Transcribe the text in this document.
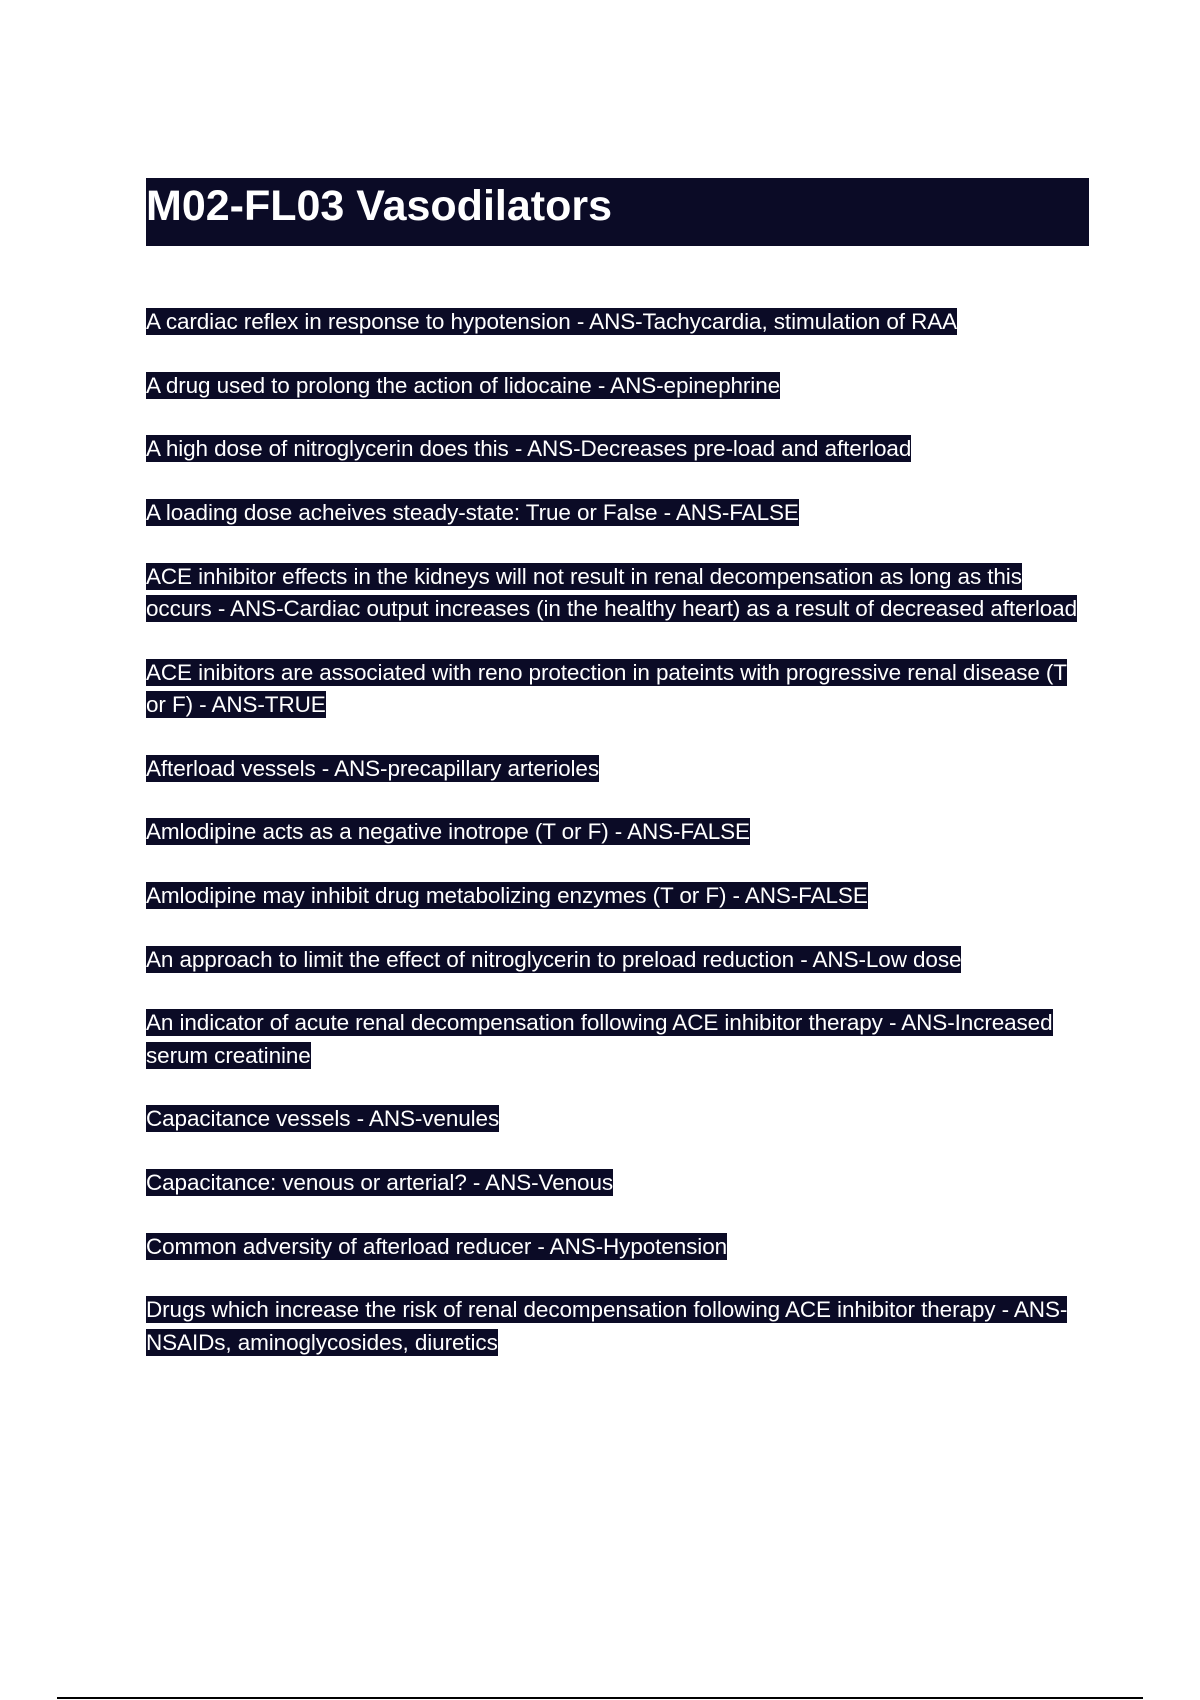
M02-FL03 Vasodilators

A cardiac reflex in response to hypotension - ANS-Tachycardia, stimulation of RAA

A drug used to prolong the action of lidocaine - ANS-epinephrine

A high dose of nitroglycerin does this - ANS-Decreases pre-load and afterload

A loading dose acheives steady-state: True or False - ANS-FALSE

ACE inhibitor effects in the kidneys will not result in renal decompensation as long as this occurs - ANS-Cardiac output increases (in the healthy heart) as a result of decreased afterload

ACE inibitors are associated with reno protection in pateints with progressive renal disease (T or F) - ANS-TRUE

Afterload vessels - ANS-precapillary arterioles

Amlodipine acts as a negative inotrope (T or F) - ANS-FALSE

Amlodipine may inhibit drug metabolizing enzymes (T or F) - ANS-FALSE

An approach to limit the effect of nitroglycerin to preload reduction - ANS-Low dose

An indicator of acute renal decompensation following ACE inhibitor therapy - ANS-Increased serum creatinine

Capacitance vessels - ANS-venules

Capacitance: venous or arterial? - ANS-Venous

Common adversity of afterload reducer - ANS-Hypotension

Drugs which increase the risk of renal decompensation following ACE inhibitor therapy - ANS-NSAIDs, aminoglycosides, diuretics
